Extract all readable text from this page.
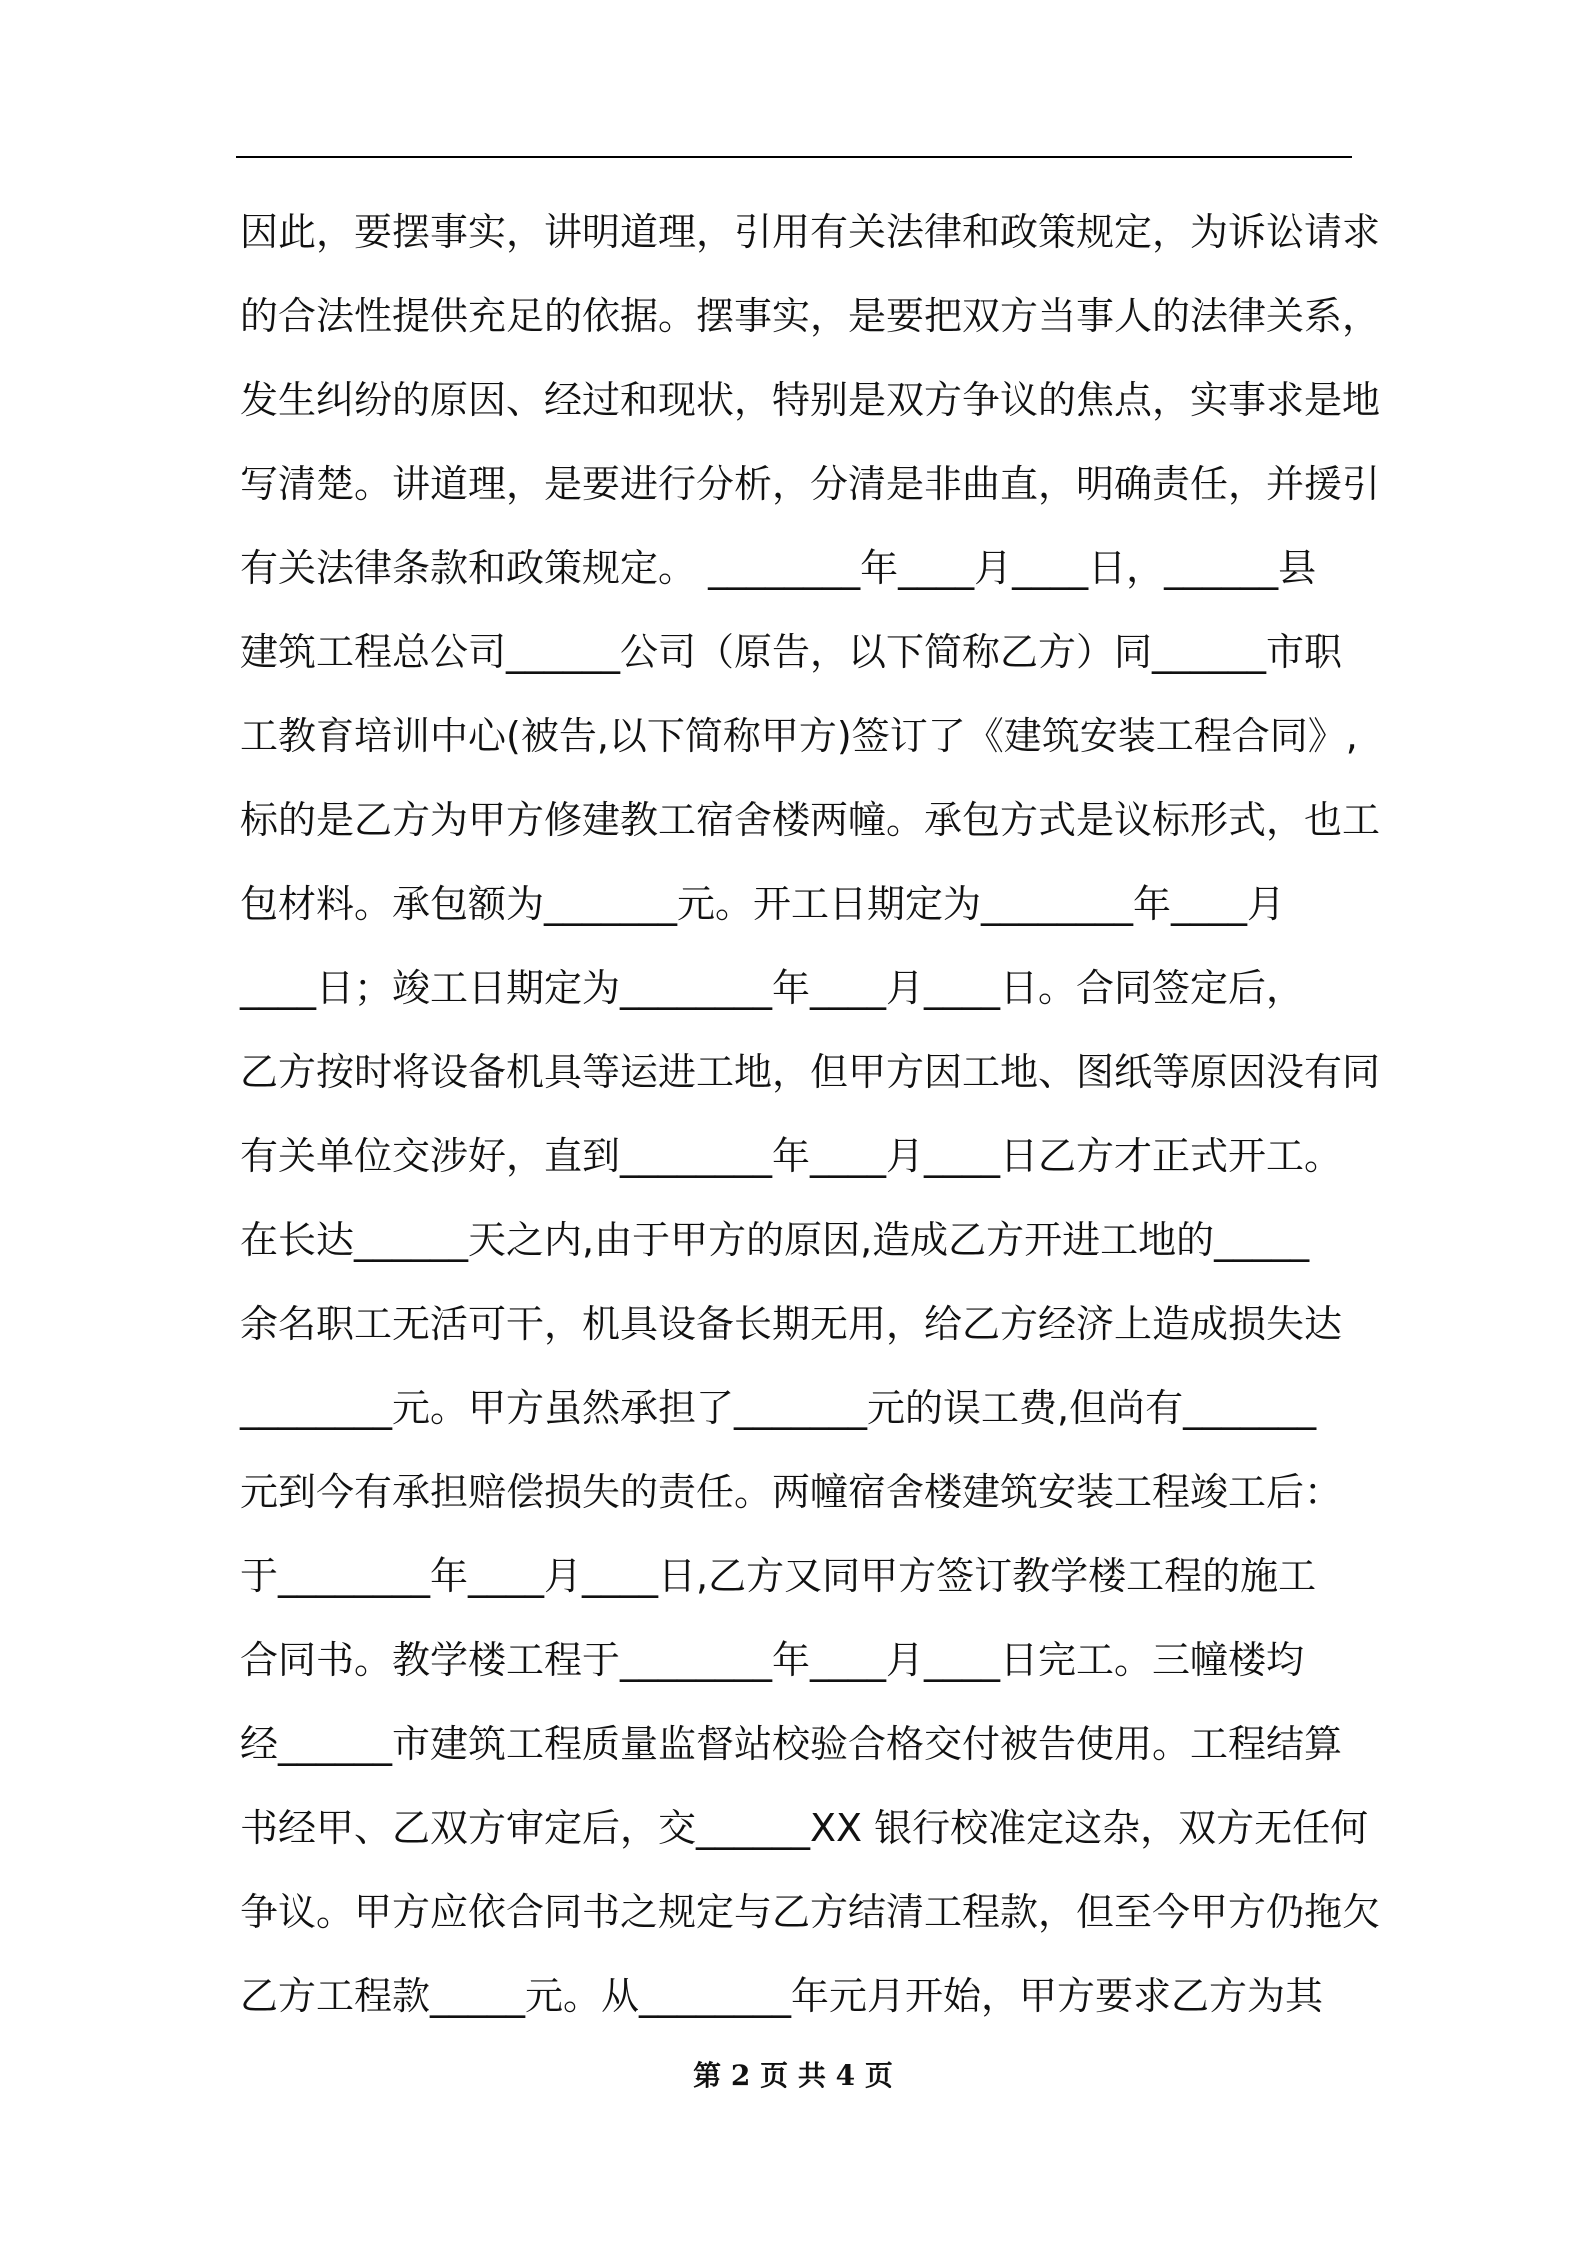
因此，要摆事实，讲明道理，引用有关法律和政策规定，为诉讼请求
的合法性提供充足的依据。摆事实，是要把双方当事人的法律关系，
发生纠纷的原因、经过和现状，特别是双方争议的焦点，实事求是地
写清楚。讲道理，是要进行分析，分清是非曲直，明确责任，并援引
有关法律条款和政策规定。 ________年____月____日，______县
建筑工程总公司______公司（原告，以下简称乙方）同______市职
工教育培训中心(被告,以下简称甲方)签订了《建筑安装工程合同》,
标的是乙方为甲方修建教工宿舍楼两幢。承包方式是议标形式，也工
包材料。承包额为_______元。开工日期定为________年____月
____日；竣工日期定为________年____月____日。合同签定后，
乙方按时将设备机具等运进工地，但甲方因工地、图纸等原因没有同
有关单位交涉好，直到________年____月____日乙方才正式开工。
在长达______天之内,由于甲方的原因,造成乙方开进工地的_____
余名职工无活可干，机具设备长期无用，给乙方经济上造成损失达
________元。甲方虽然承担了_______元的误工费,但尚有_______
元到今有承担赔偿损失的责任。两幢宿舍楼建筑安装工程竣工后：
于________年____月____日,乙方又同甲方签订教学楼工程的施工
合同书。教学楼工程于________年____月____日完工。三幢楼均
经______市建筑工程质量监督站校验合格交付被告使用。工程结算
书经甲、乙双方审定后，交______XX 银行校准定这杂，双方无任何
争议。甲方应依合同书之规定与乙方结清工程款，但至今甲方仍拖欠
乙方工程款_____元。从________年元月开始，甲方要求乙方为其
第 2 页 共 4 页
